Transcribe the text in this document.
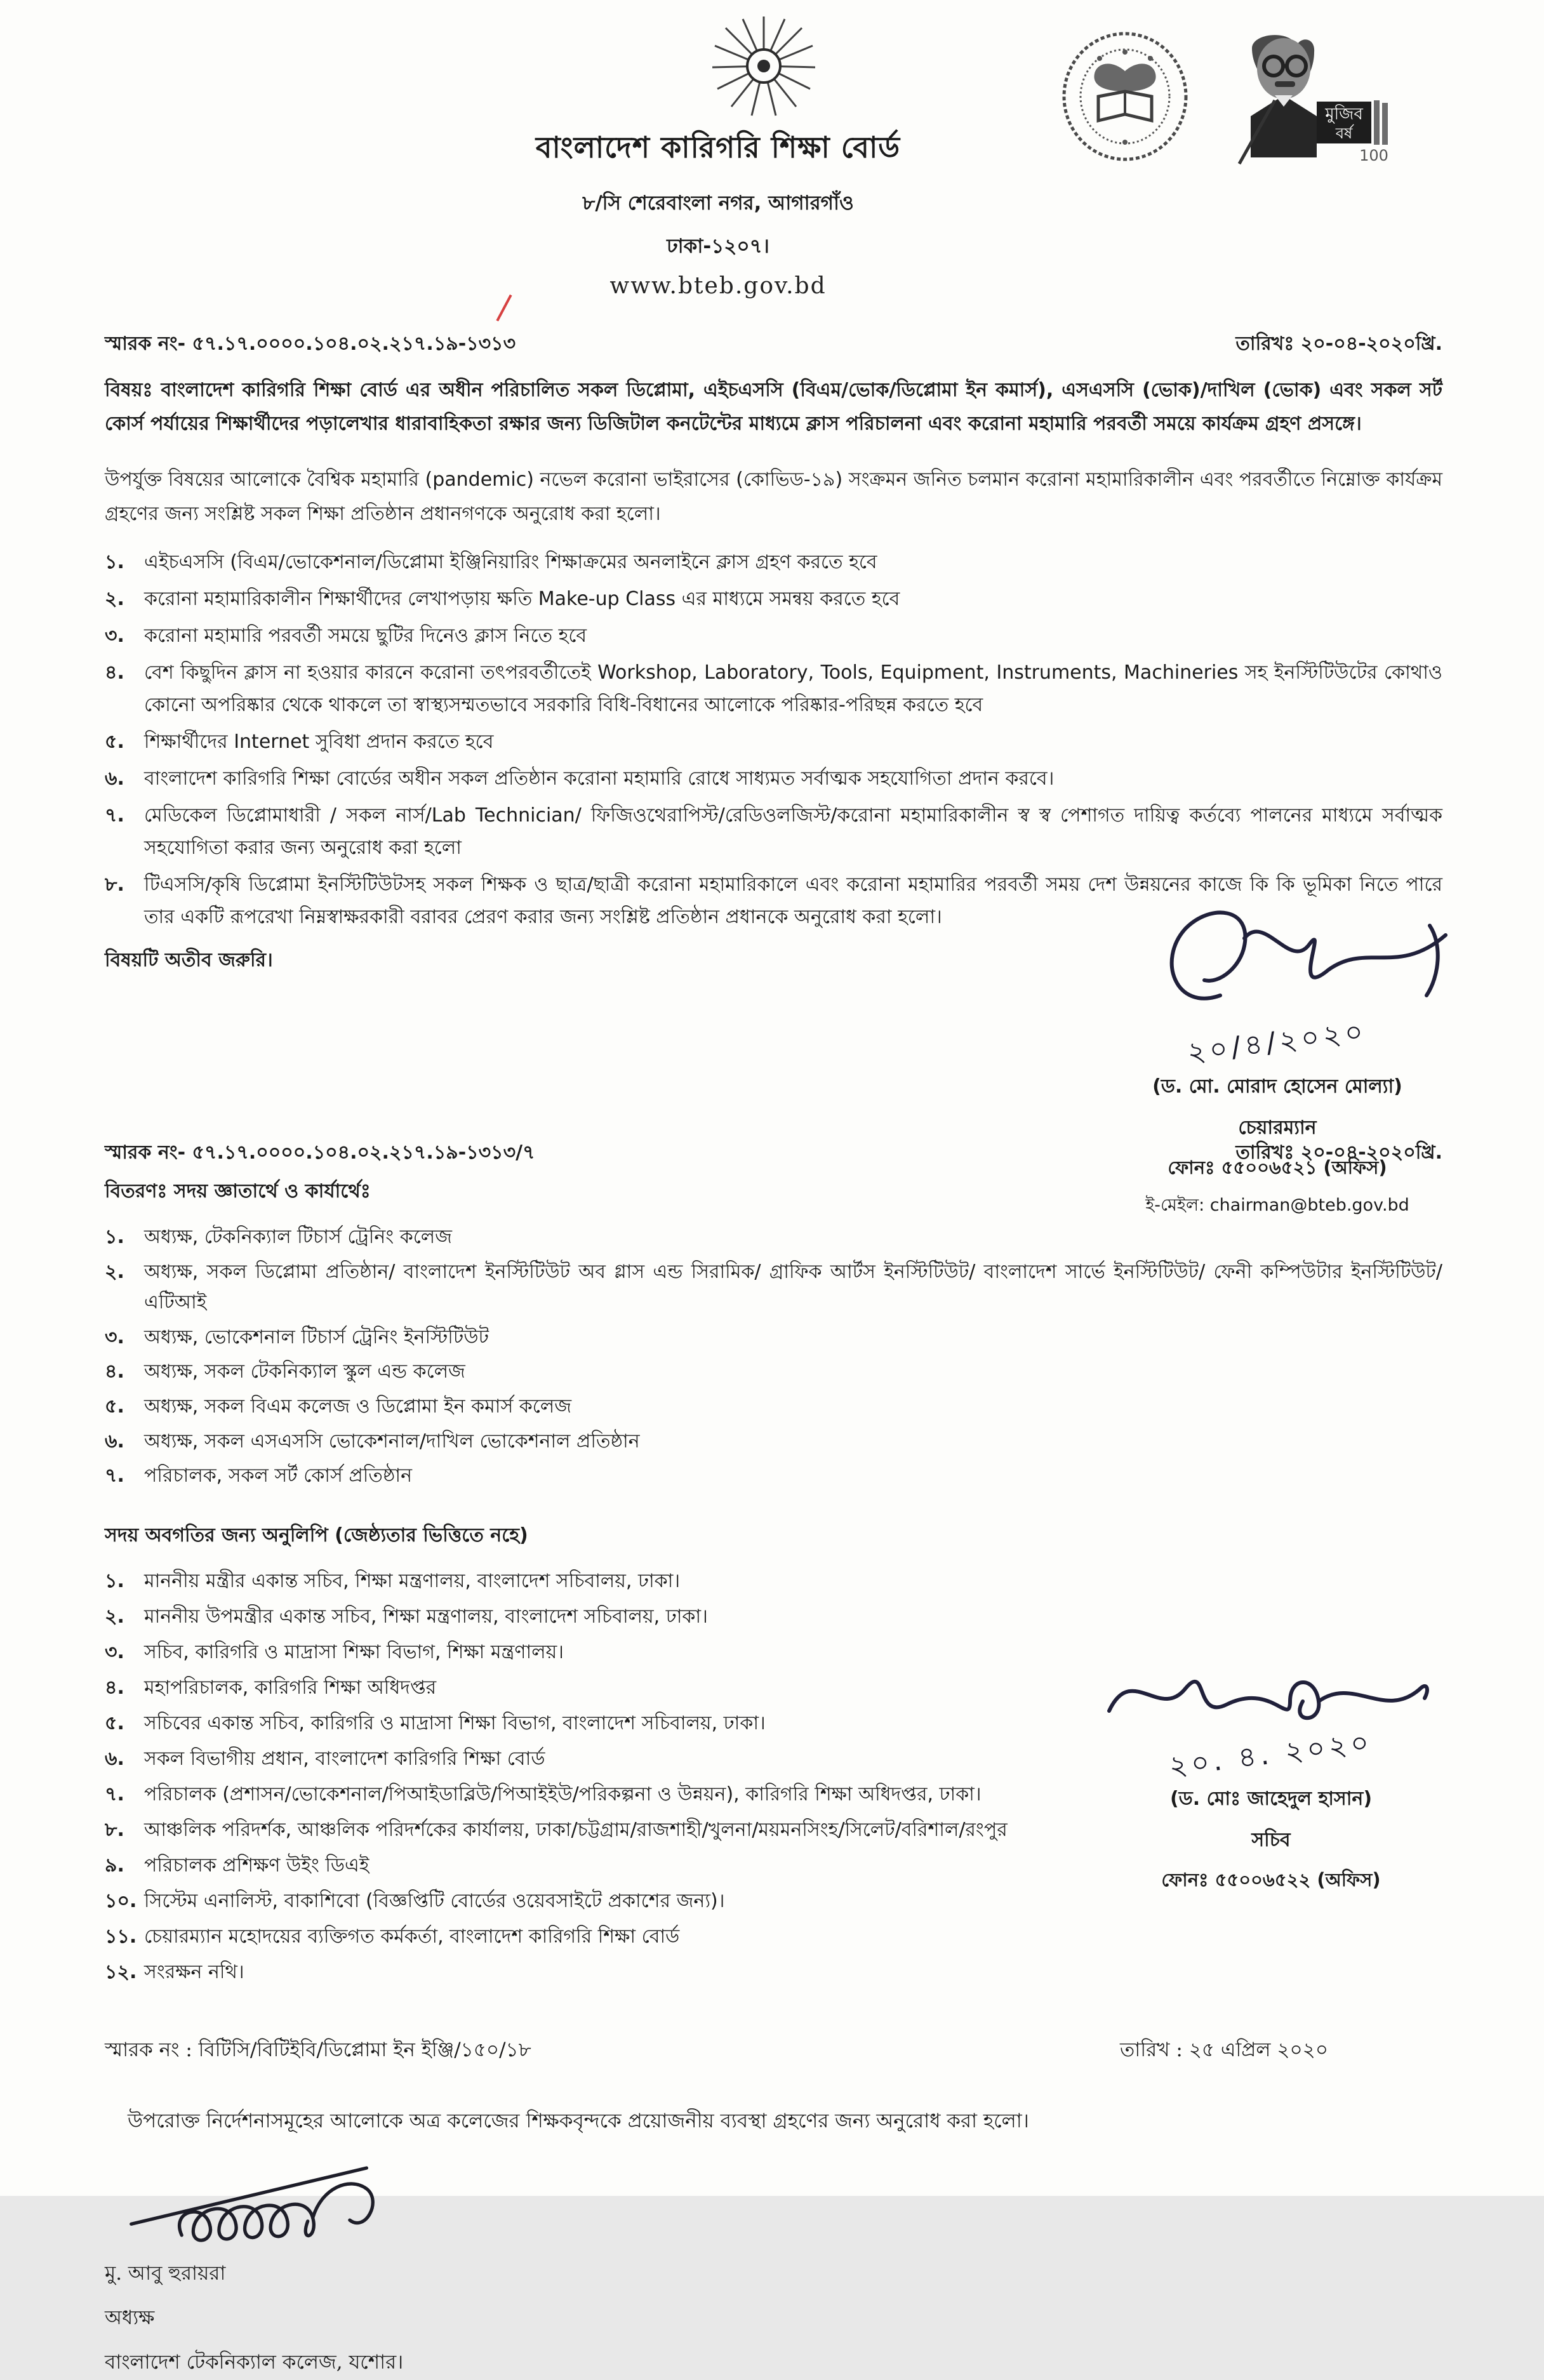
মুজিব
বর্ষ
100
বাংলাদেশ কারিগরি শিক্ষা বোর্ড
৮/সি শেরেবাংলা নগর, আগারগাঁও
ঢাকা-১২০৭।
www.bteb.gov.bd
স্মারক নং- ৫৭.১৭.০০০০.১০৪.০২.২১৭.১৯-১৩১৩	তারিখঃ ২০-০৪-২০২০খ্রি.
বিষয়ঃ বাংলাদেশ কারিগরি শিক্ষা বোর্ড এর অধীন পরিচালিত সকল ডিপ্লোমা, এইচএসসি (বিএম/ভোক/ডিপ্লোমা ইন কমার্স), এসএসসি (ভোক)/দাখিল (ভোক) এবং সকল সর্ট কোর্স পর্যায়ের শিক্ষার্থীদের পড়ালেখার ধারাবাহিকতা রক্ষার জন্য ডিজিটাল কনটেন্টের মাধ্যমে ক্লাস পরিচালনা এবং করোনা মহামারি পরবর্তী সময়ে কার্যক্রম গ্রহণ প্রসঙ্গে।
উপর্যুক্ত বিষয়ের আলোকে বৈশ্বিক মহামারি (pandemic) নভেল করোনা ভাইরাসের (কোভিড-১৯) সংক্রমন জনিত চলমান করোনা মহামারিকালীন এবং পরবর্তীতে নিম্নোক্ত কার্যক্রম গ্রহণের জন্য সংশ্লিষ্ট সকল শিক্ষা প্রতিষ্ঠান প্রধানগণকে অনুরোধ করা হলো।
১.	এইচএসসি (বিএম/ভোকেশনাল/ডিপ্লোমা ইঞ্জিনিয়ারিং শিক্ষাক্রমের অনলাইনে ক্লাস গ্রহণ করতে হবে
২.	করোনা মহামারিকালীন শিক্ষার্থীদের লেখাপড়ায় ক্ষতি Make-up Class এর মাধ্যমে সমন্বয় করতে হবে
৩.	করোনা মহামারি পরবর্তী সময়ে ছুটির দিনেও ক্লাস নিতে হবে
৪.	বেশ কিছুদিন ক্লাস না হওয়ার কারনে করোনা তৎপরবর্তীতেই Workshop, Laboratory, Tools, Equipment, Instruments, Machineries সহ ইনস্টিটিউটের কোথাও কোনো অপরিষ্কার থেকে থাকলে তা স্বাস্থ্যসম্মতভাবে সরকারি বিধি-বিধানের আলোকে পরিষ্কার-পরিছন্ন করতে হবে
৫.	শিক্ষার্থীদের Internet সুবিধা প্রদান করতে হবে
৬.	বাংলাদেশ কারিগরি শিক্ষা বোর্ডের অধীন সকল প্রতিষ্ঠান করোনা মহামারি রোধে সাধ্যমত সর্বাত্মক সহযোগিতা প্রদান করবে।
৭.	মেডিকেল ডিপ্লোমাধারী / সকল নার্স/Lab Technician/ ফিজিওথেরাপিস্ট/রেডিওলজিস্ট/করোনা মহামারিকালীন স্ব স্ব পেশাগত দায়িত্ব কর্তব্যে পালনের মাধ্যমে সর্বাত্মক সহযোগিতা করার জন্য অনুরোধ করা হলো
৮.	টিএসসি/কৃষি ডিপ্লোমা ইনস্টিটিউটসহ সকল শিক্ষক ও ছাত্র/ছাত্রী করোনা মহামারিকালে এবং করোনা মহামারির পরবর্তী সময় দেশ উন্নয়নের কাজে কি কি ভূমিকা নিতে পারে তার একটি রূপরেখা নিম্নস্বাক্ষরকারী বরাবর প্রেরণ করার জন্য সংশ্লিষ্ট প্রতিষ্ঠান প্রধানকে অনুরোধ করা হলো।
বিষয়টি অতীব জরুরি।
স্মারক নং- ৫৭.১৭.০০০০.১০৪.০২.২১৭.১৯-১৩১৩/৭	তারিখঃ ২০-০৪-২০২০খ্রি.
বিতরণঃ সদয় জ্ঞাতার্থে ও কার্যার্থেঃ
১.	অধ্যক্ষ, টেকনিক্যাল টিচার্স ট্রেনিং কলেজ
২.	অধ্যক্ষ, সকল ডিপ্লোমা প্রতিষ্ঠান/ বাংলাদেশ ইনস্টিটিউট অব গ্লাস এন্ড সিরামিক/ গ্রাফিক আর্টস ইনস্টিটিউট/ বাংলাদেশ সার্ভে ইনস্টিটিউট/ ফেনী কম্পিউটার ইনস্টিটিউট/ এটিআই
৩.	অধ্যক্ষ, ভোকেশনাল টিচার্স ট্রেনিং ইনস্টিটিউট
৪.	অধ্যক্ষ, সকল টেকনিক্যাল স্কুল এন্ড কলেজ
৫.	অধ্যক্ষ, সকল বিএম কলেজ ও ডিপ্লোমা ইন কমার্স কলেজ
৬.	অধ্যক্ষ, সকল এসএসসি ভোকেশনাল/দাখিল ভোকেশনাল প্রতিষ্ঠান
৭.	পরিচালক, সকল সর্ট কোর্স প্রতিষ্ঠান
সদয় অবগতির জন্য অনুলিপি (জেষ্ঠ্যতার ভিত্তিতে নহে)
১.	মাননীয় মন্ত্রীর একান্ত সচিব, শিক্ষা মন্ত্রণালয়, বাংলাদেশ সচিবালয়, ঢাকা।
২.	মাননীয় উপমন্ত্রীর একান্ত সচিব, শিক্ষা মন্ত্রণালয়, বাংলাদেশ সচিবালয়, ঢাকা।
৩.	সচিব, কারিগরি ও মাদ্রাসা শিক্ষা বিভাগ, শিক্ষা মন্ত্রণালয়।
৪.	মহাপরিচালক, কারিগরি শিক্ষা অধিদপ্তর
৫.	সচিবের একান্ত সচিব, কারিগরি ও মাদ্রাসা শিক্ষা বিভাগ, বাংলাদেশ সচিবালয়, ঢাকা।
৬.	সকল বিভাগীয় প্রধান, বাংলাদেশ কারিগরি শিক্ষা বোর্ড
৭.	পরিচালক (প্রশাসন/ভোকেশনাল/পিআইডাব্লিউ/পিআইইউ/পরিকল্পনা ও উন্নয়ন), কারিগরি শিক্ষা অধিদপ্তর, ঢাকা।
৮.	আঞ্চলিক পরিদর্শক, আঞ্চলিক পরিদর্শকের কার্যালয়, ঢাকা/চট্টগ্রাম/রাজশাহী/খুলনা/ময়মনসিংহ/সিলেট/বরিশাল/রংপুর
৯.	পরিচালক প্রশিক্ষণ উইং ডিএই
১০. সিস্টেম এনালিস্ট, বাকাশিবো (বিজ্ঞপ্তিটি বোর্ডের ওয়েবসাইটে প্রকাশের জন্য)।
১১. চেয়ারম্যান মহোদয়ের ব্যক্তিগত কর্মকর্তা, বাংলাদেশ কারিগরি শিক্ষা বোর্ড
১২. সংরক্ষন নথি।
স্মারক নং : বিটিসি/বিটিইবি/ডিপ্লোমা ইন ইঞ্জি/১৫০/১৮	তারিখ : ২৫ এপ্রিল ২০২০
উপরোক্ত নির্দেশনাসমূহের আলোকে অত্র কলেজের শিক্ষকবৃন্দকে প্রয়োজনীয় ব্যবস্থা গ্রহণের জন্য অনুরোধ করা হলো।
মু. আবু হুরায়রা
অধ্যক্ষ
বাংলাদেশ টেকনিক্যাল কলেজ, যশোর।
২০/৪/২০২০
(ড. মো. মোরাদ হোসেন মোল্যা)
চেয়ারম্যান
ফোনঃ ৫৫০০৬৫২১ (অফিস)
ই-মেইল: chairman@bteb.gov.bd
২০. ৪. ২০২০
(ড. মোঃ জাহেদুল হাসান)
সচিব
ফোনঃ ৫৫০০৬৫২২ (অফিস)
